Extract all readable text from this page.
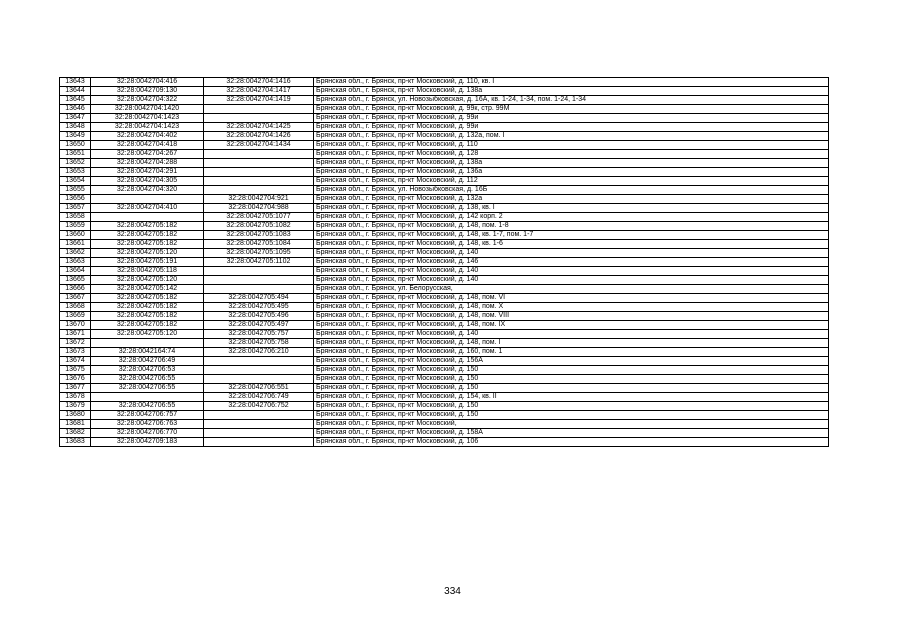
13643	32:28:0042704:416	32:28:0042704:1416	Брянская обл., г. Брянск, пр-кт Московский, д. 110, кв. I
13644	32:28:0042709:130	32:28:0042704:1417	Брянская обл., г. Брянск, пр-кт Московский, д. 138а
13645	32:28:0042704:322	32:28:0042704:1419	Брянская обл., г. Брянск, ул. Новозыбковская, д. 16А, кв. 1-24, 1-34, пом. 1-24, 1-34
13646	32:28:0042704:1420		Брянская обл., г. Брянск, пр-кт Московский, д. 99к, стр. 99М
13647	32:28:0042704:1423		Брянская обл., г. Брянск, пр-кт Московский, д. 99и
13648	32:28:0042704:1423	32:28:0042704:1425	Брянская обл., г. Брянск, пр-кт Московский, д. 99и
13649	32:28:0042704:402	32:28:0042704:1426	Брянская обл., г. Брянск, пр-кт Московский, д. 132а, пом. I
13650	32:28:0042704:418	32:28:0042704:1434	Брянская обл., г. Брянск, пр-кт Московский, д. 110
13651	32:28:0042704:267		Брянская обл., г. Брянск, пр-кт Московский, д. 128
13652	32:28:0042704:288		Брянская обл., г. Брянск, пр-кт Московский, д. 138а
13653	32:28:0042704:291		Брянская обл., г. Брянск, пр-кт Московский, д. 136а
13654	32:28:0042704:305		Брянская обл., г. Брянск, пр-кт Московский, д. 112
13655	32:28:0042704:320		Брянская обл., г. Брянск, ул. Новозыбковская, д. 16Б
13656		32:28:0042704:921	Брянская обл., г. Брянск, пр-кт Московский, д. 132а
13657	32:28:0042704:410	32:28:0042704:988	Брянская обл., г. Брянск, пр-кт Московский, д. 138, кв. I
13658		32:28:0042705:1077	Брянская обл., г. Брянск, пр-кт Московский, д. 142 корп. 2
13659	32:28:0042705:182	32:28:0042705:1082	Брянская обл., г. Брянск, пр-кт Московский, д. 148, пом. 1-8
13660	32:28:0042705:182	32:28:0042705:1083	Брянская обл., г. Брянск, пр-кт Московский, д. 148, кв. 1-7, пом. 1-7
13661	32:28:0042705:182	32:28:0042705:1084	Брянская обл., г. Брянск, пр-кт Московский, д. 148, кв. 1-6
13662	32:28:0042705:120	32:28:0042705:1095	Брянская обл., г. Брянск, пр-кт Московский, д. 140
13663	32:28:0042705:191	32:28:0042705:1102	Брянская обл., г. Брянск, пр-кт Московский, д. 146
13664	32:28:0042705:118		Брянская обл., г. Брянск, пр-кт Московский, д. 140
13665	32:28:0042705:120		Брянская обл., г. Брянск, пр-кт Московский, д. 140
13666	32:28:0042705:142		Брянская обл., г. Брянск, ул. Белорусская,
13667	32:28:0042705:182	32:28:0042705:494	Брянская обл., г. Брянск, пр-кт Московский, д. 148, пом. VI
13668	32:28:0042705:182	32:28:0042705:495	Брянская обл., г. Брянск, пр-кт Московский, д. 148, пом. X
13669	32:28:0042705:182	32:28:0042705:496	Брянская обл., г. Брянск, пр-кт Московский, д. 148, пом. VIII
13670	32:28:0042705:182	32:28:0042705:497	Брянская обл., г. Брянск, пр-кт Московский, д. 148, пом. IX
13671	32:28:0042705:120	32:28:0042705:757	Брянская обл., г. Брянск, пр-кт Московский, д. 140
13672		32:28:0042705:758	Брянская обл., г. Брянск, пр-кт Московский, д. 148, пом. I
13673	32:28:0042164:74	32:28:0042706:210	Брянская обл., г. Брянск, пр-кт Московский, д. 160, пом. 1
13674	32:28:0042706:49		Брянская обл., г. Брянск, пр-кт Московский, д. 156А
13675	32:28:0042706:53		Брянская обл., г. Брянск, пр-кт Московский, д. 150
13676	32:28:0042706:55		Брянская обл., г. Брянск, пр-кт Московский, д. 150
13677	32:28:0042706:55	32:28:0042706:551	Брянская обл., г. Брянск, пр-кт Московский, д. 150
13678		32:28:0042706:749	Брянская обл., г. Брянск, пр-кт Московский, д. 154, кв. II
13679	32:28:0042706:55	32:28:0042706:752	Брянская обл., г. Брянск, пр-кт Московский, д. 150
13680	32:28:0042706:757		Брянская обл., г. Брянск, пр-кт Московский, д. 150
13681	32:28:0042706:763		Брянская обл., г. Брянск, пр-кт Московский,
13682	32:28:0042706:770		Брянская обл., г. Брянск, пр-кт Московский, д. 158А
13683	32:28:0042709:183		Брянская обл., г. Брянск, пр-кт Московский, д. 106
334
